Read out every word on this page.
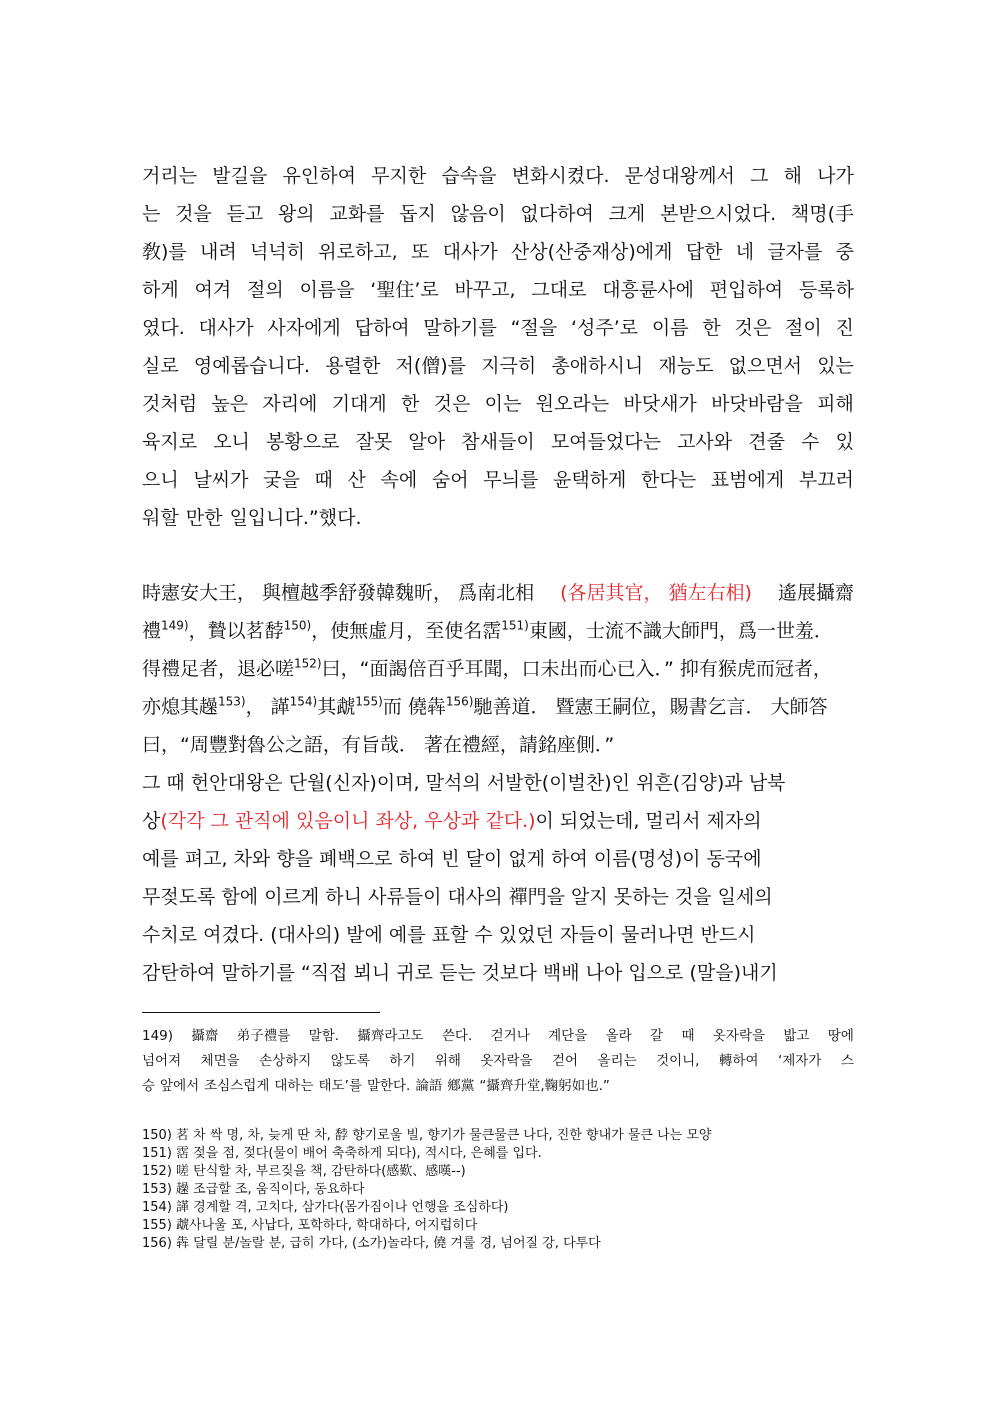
거리는 발길을 유인하여 무지한 습속을 변화시켰다. 문성대왕께서 그 해 나가
는 것을 듣고 왕의 교화를 돕지 않음이 없다하여 크게 본받으시었다. 책명(手
敎)를 내려 넉넉히 위로하고, 또 대사가 산상(산중재상)에게 답한 네 글자를 중
하게 여겨 절의 이름을 ‘聖住’로 바꾸고, 그대로 대흥륜사에 편입하여 등록하
였다. 대사가 사자에게 답하여 말하기를 “절을 ‘성주’로 이름 한 것은 절이 진
실로 영예롭습니다. 용렬한 저(僧)를 지극히 총애하시니 재능도 없으면서 있는
것처럼 높은 자리에 기대게 한 것은 이는 원오라는 바닷새가 바닷바람을 피해
육지로 오니 봉황으로 잘못 알아 참새들이 모여들었다는 고사와 견줄 수 있
으니 날씨가 궂을 때 산 속에 숨어 무늬를 윤택하게 한다는 표범에게 부끄러
워할 만한 일입니다.”했다.
時憲安大王， 與檀越季舒發韓魏昕， 爲南北相 (各居其官， 猶左右相) 遙展攝齋
禮$^{149)}$，贄以茗馞$^{150)}$，使無虛月，至使名霑$^{151)}$東國，士流不識大師門，爲一世羞．
得禮足者，退必嗟$^{152)}$曰，“面謁倍百乎耳聞，口未出而心已入．” 抑有猴虎而冠者，
亦熄其趮$^{153)}$， 諽$^{154)}$其虣$^{155)}$而 僥犇$^{156)}$馳善道． 暨憲王嗣位，賜書乞言． 大師答
曰，“周豐對魯公之語，有旨哉． 著在禮經，請銘座側．”
그 때 헌안대왕은 단월(신자)이며, 말석의 서발한(이벌찬)인 위흔(김양)과 남북
상(각각 그 관직에 있음이니 좌상, 우상과 같다.)이 되었는데, 멀리서 제자의
예를 펴고, 차와 향을 폐백으로 하여 빈 달이 없게 하여 이름(명성)이 동국에
무젖도록 함에 이르게 하니 사류들이 대사의 禪門을 알지 못하는 것을 일세의
수치로 여겼다. (대사의) 발에 예를 표할 수 있었던 자들이 물러나면 반드시
감탄하여 말하기를 “직접 뵈니 귀로 듣는 것보다 백배 나아 입으로 (말을)내기
149) 攝齋 弟子禮를 말함. 攝齊라고도 쓴다. 걷거나 계단을 올라 갈 때 옷자락을 밟고 땅에
넘어져 체면을 손상하지 않도록 하기 위해 옷자락을 걷어 올리는 것이니, 轉하여 ‘제자가 스
승 앞에서 조심스럽게 대하는 태도’를 말한다. 論語 鄕黨 “攝齊升堂,鞠躬如也.”
150) 茗 차 싹 명, 차, 늦게 딴 차, 馞 향기로울 빌, 향기가 물큰물큰 나다, 진한 향내가 물큰 나는 모양
151) 霑 젖을 점, 젖다(물이 배어 축축하게 되다), 적시다, 은혜를 입다.
152) 嗟 탄식할 차, 부르짖을 책, 감탄하다(感歎、感嘆--)
153) 趮 조급할 조, 움직이다, 동요하다
154) 諽 경계할 격, 고치다, 삼가다(몸가짐이나 언행을 조심하다)
155) 虣사나울 포, 사납다, 포학하다, 학대하다, 어지럽히다
156) 犇 달릴 분/놀랄 분, 급히 가다, (소가)놀라다, 僥 겨룰 경, 넘어질 강, 다투다
